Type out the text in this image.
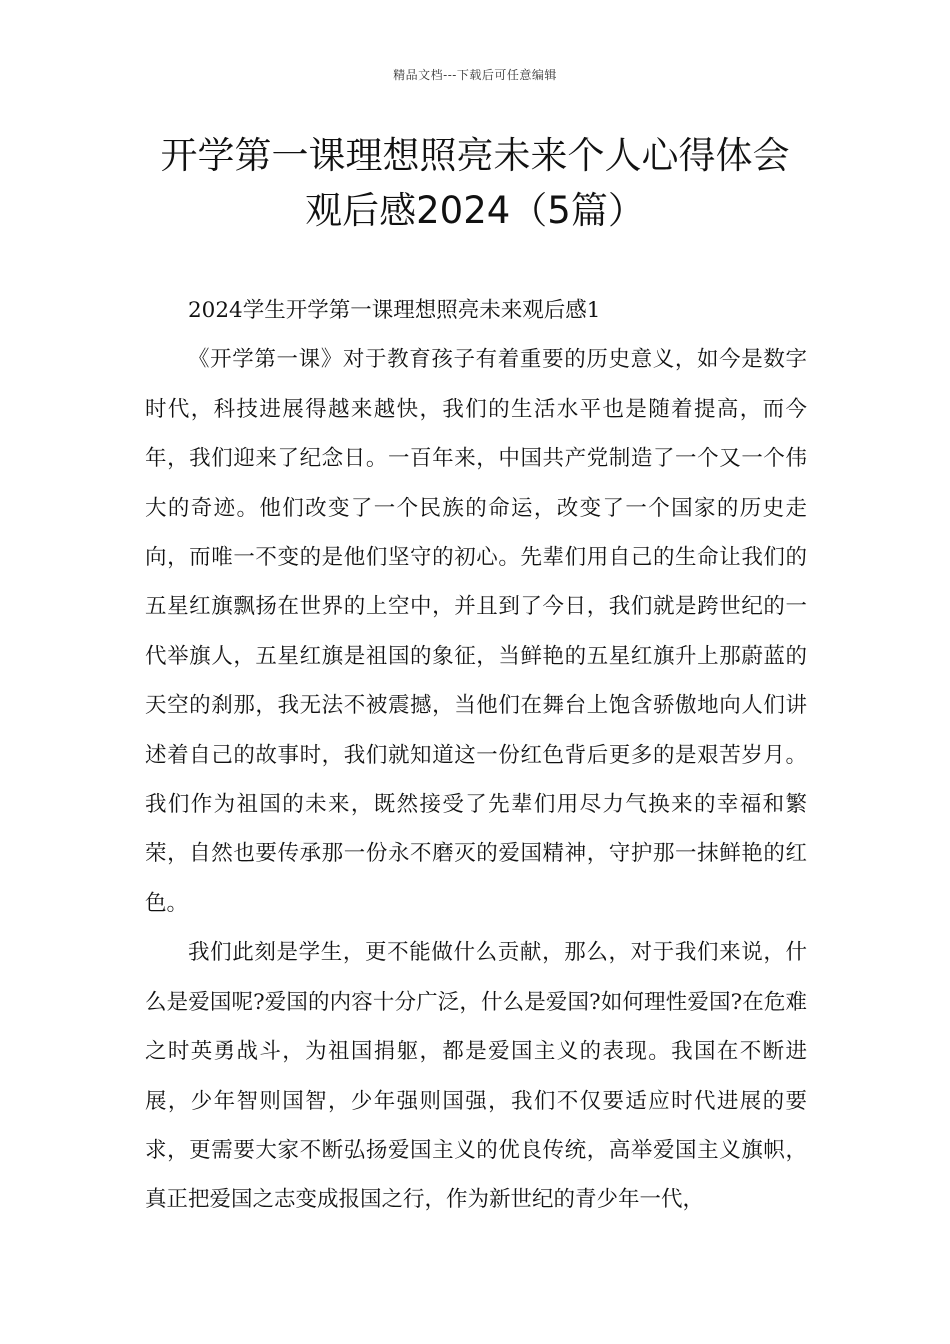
精品文档---下载后可任意编辑
开学第一课理想照亮未来个人心得体会
观后感2024（5篇）

2024学生开学第一课理想照亮未来观后感1

《开学第一课》对于教育孩子有着重要的历史意义，如今是数字时代，科技进展得越来越快，我们的生活水平也是随着提高，而今年，我们迎来了纪念日。一百年来，中国共产党制造了一个又一个伟大的奇迹。他们改变了一个民族的命运，改变了一个国家的历史走向，而唯一不变的是他们坚守的初心。先辈们用自己的生命让我们的五星红旗飘扬在世界的上空中，并且到了今日，我们就是跨世纪的一代举旗人，五星红旗是祖国的象征，当鲜艳的五星红旗升上那蔚蓝的天空的刹那，我无法不被震撼，当他们在舞台上饱含骄傲地向人们讲述着自己的故事时，我们就知道这一份红色背后更多的是艰苦岁月。我们作为祖国的未来，既然接受了先辈们用尽力气换来的幸福和繁荣，自然也要传承那一份永不磨灭的爱国精神，守护那一抹鲜艳的红色。

我们此刻是学生，更不能做什么贡献，那么，对于我们来说，什么是爱国呢?爱国的内容十分广泛，什么是爱国?如何理性爱国?在危难之时英勇战斗，为祖国捐躯，都是爱国主义的表现。我国在不断进展，少年智则国智，少年强则国强，我们不仅要适应时代进展的要求，更需要大家不断弘扬爱国主义的优良传统，高举爱国主义旗帜，真正把爱国之志变成报国之行，作为新世纪的青少年一代，
